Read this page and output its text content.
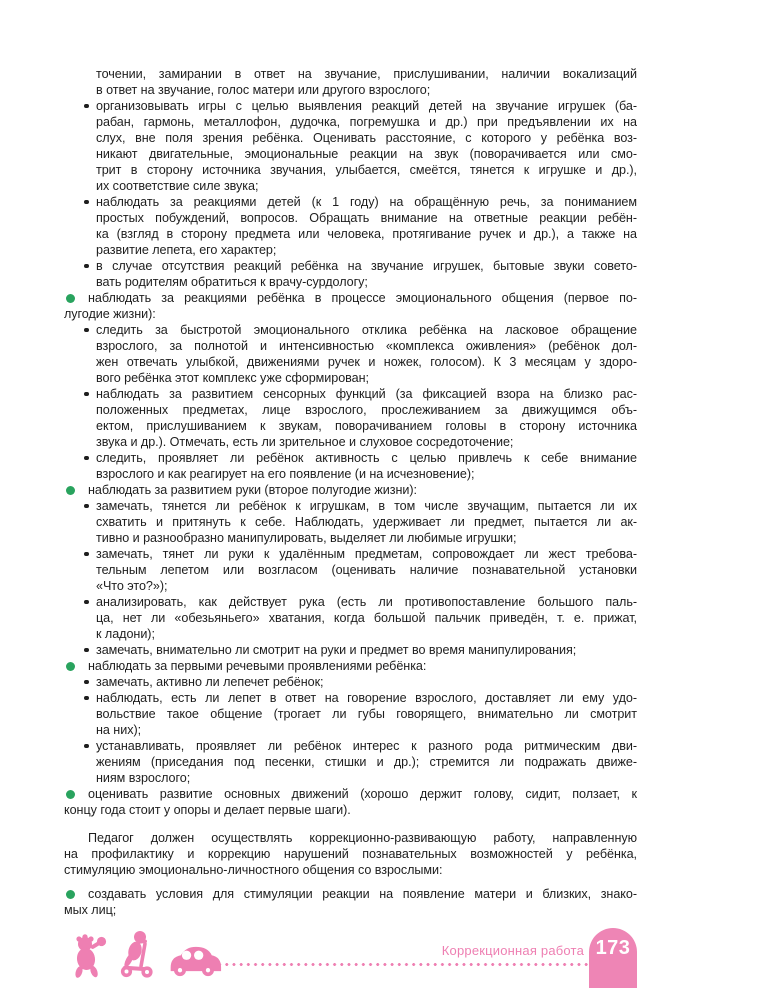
точении, замирании в ответ на звучание, прислушивании, наличии вокализаций
в ответ на звучание, голос матери или другого взрослого;
организовывать игры с целью выявления реакций детей на звучание игрушек (ба-
рабан, гармонь, металлофон, дудочка, погремушка и др.) при предъявлении их на
слух, вне поля зрения ребёнка. Оценивать расстояние, с которого у ребёнка воз-
никают двигательные, эмоциональные реакции на звук (поворачивается или смо-
трит в сторону источника звучания, улыбается, смеётся, тянется к игрушке и др.),
их соответствие силе звука;
наблюдать за реакциями детей (к 1 году) на обращённую речь, за пониманием
простых побуждений, вопросов. Обращать внимание на ответные реакции ребён-
ка (взгляд в сторону предмета или человека, протягивание ручек и др.), а также на
развитие лепета, его характер;
в случае отсутствия реакций ребёнка на звучание игрушек, бытовые звуки совето-
вать родителям обратиться к врачу-сурдологу;
наблюдать за реакциями ребёнка в процессе эмоционального общения (первое по-
лугодие жизни):
следить за быстротой эмоционального отклика ребёнка на ласковое обращение
взрослого, за полнотой и интенсивностью «комплекса оживления» (ребёнок дол-
жен отвечать улыбкой, движениями ручек и ножек, голосом). К 3 месяцам у здоро-
вого ребёнка этот комплекс уже сформирован;
наблюдать за развитием сенсорных функций (за фиксацией взора на близко рас-
положенных предметах, лице взрослого, прослеживанием за движущимся объ-
ектом, прислушиванием к звукам, поворачиванием головы в сторону источника
звука и др.). Отмечать, есть ли зрительное и слуховое сосредоточение;
следить, проявляет ли ребёнок активность с целью привлечь к себе внимание
взрослого и как реагирует на его появление (и на исчезновение);
наблюдать за развитием руки (второе полугодие жизни):
замечать, тянется ли ребёнок к игрушкам, в том числе звучащим, пытается ли их
схватить и притянуть к себе. Наблюдать, удерживает ли предмет, пытается ли ак-
тивно и разнообразно манипулировать, выделяет ли любимые игрушки;
замечать, тянет ли руки к удалённым предметам, сопровождает ли жест требова-
тельным лепетом или возгласом (оценивать наличие познавательной установки
«Что это?»);
анализировать, как действует рука (есть ли противопоставление большого паль-
ца, нет ли «обезьяньего» хватания, когда большой пальчик приведён, т. е. прижат,
к ладони);
замечать, внимательно ли смотрит на руки и предмет во время манипулирования;
наблюдать за первыми речевыми проявлениями ребёнка:
замечать, активно ли лепечет ребёнок;
наблюдать, есть ли лепет в ответ на говорение взрослого, доставляет ли ему удо-
вольствие такое общение (трогает ли губы говорящего, внимательно ли смотрит
на них);
устанавливать, проявляет ли ребёнок интерес к разного рода ритмическим дви-
жениям (приседания под песенки, стишки и др.); стремится ли подражать движе-
ниям взрослого;
оценивать развитие основных движений (хорошо держит голову, сидит, ползает, к
концу года стоит у опоры и делает первые шаги).
Педагог должен осуществлять коррекционно-развивающую работу, направленную
на профилактику и коррекцию нарушений познавательных возможностей у ребёнка,
стимуляцию эмоционально-личностного общения со взрослыми:
создавать условия для стимуляции реакции на появление матери и близких, знако-
мых лиц;
Коррекционная работа 173
